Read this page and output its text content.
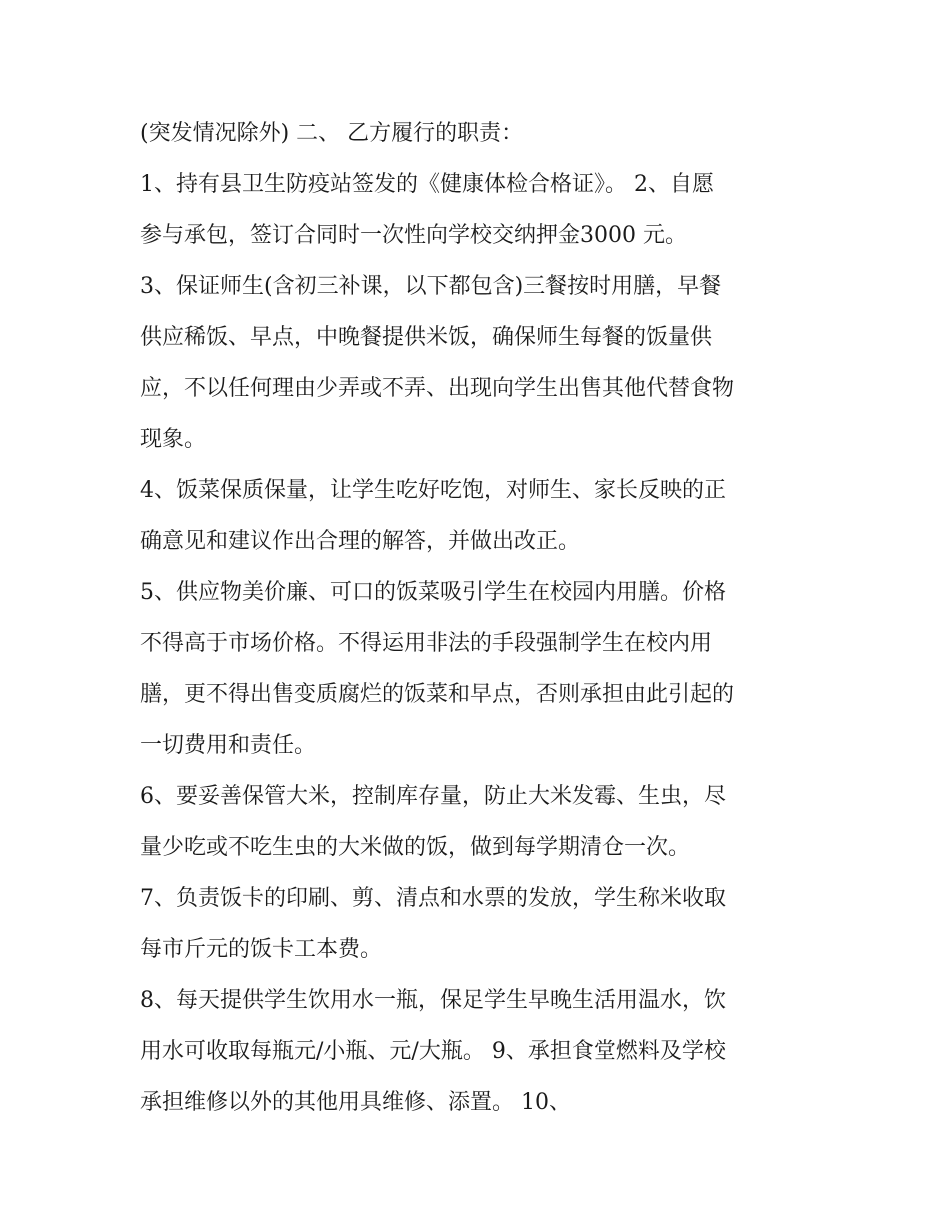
(突发情况除外) 二、 乙方履行的职责：
1、持有县卫生防疫站签发的《健康体检合格证》。 2、自愿
参与承包，签订合同时一次性向学校交纳押金3000 元。
3、保证师生(含初三补课，以下都包含)三餐按时用膳，早餐
供应稀饭、早点，中晚餐提供米饭，确保师生每餐的饭量供
应，不以任何理由少弄或不弄、出现向学生出售其他代替食物
现象。
4、饭菜保质保量，让学生吃好吃饱，对师生、家长反映的正
确意见和建议作出合理的解答，并做出改正。
5、供应物美价廉、可口的饭菜吸引学生在校园内用膳。价格
不得高于市场价格。不得运用非法的手段强制学生在校内用
膳，更不得出售变质腐烂的饭菜和早点，否则承担由此引起的
一切费用和责任。
6、要妥善保管大米，控制库存量，防止大米发霉、生虫，尽
量少吃或不吃生虫的大米做的饭，做到每学期清仓一次。
7、负责饭卡的印刷、剪、清点和水票的发放，学生称米收取
每市斤元的饭卡工本费。
8、每天提供学生饮用水一瓶，保足学生早晚生活用温水，饮
用水可收取每瓶元/小瓶、元/大瓶。 9、承担食堂燃料及学校
承担维修以外的其他用具维修、添置。 10、
